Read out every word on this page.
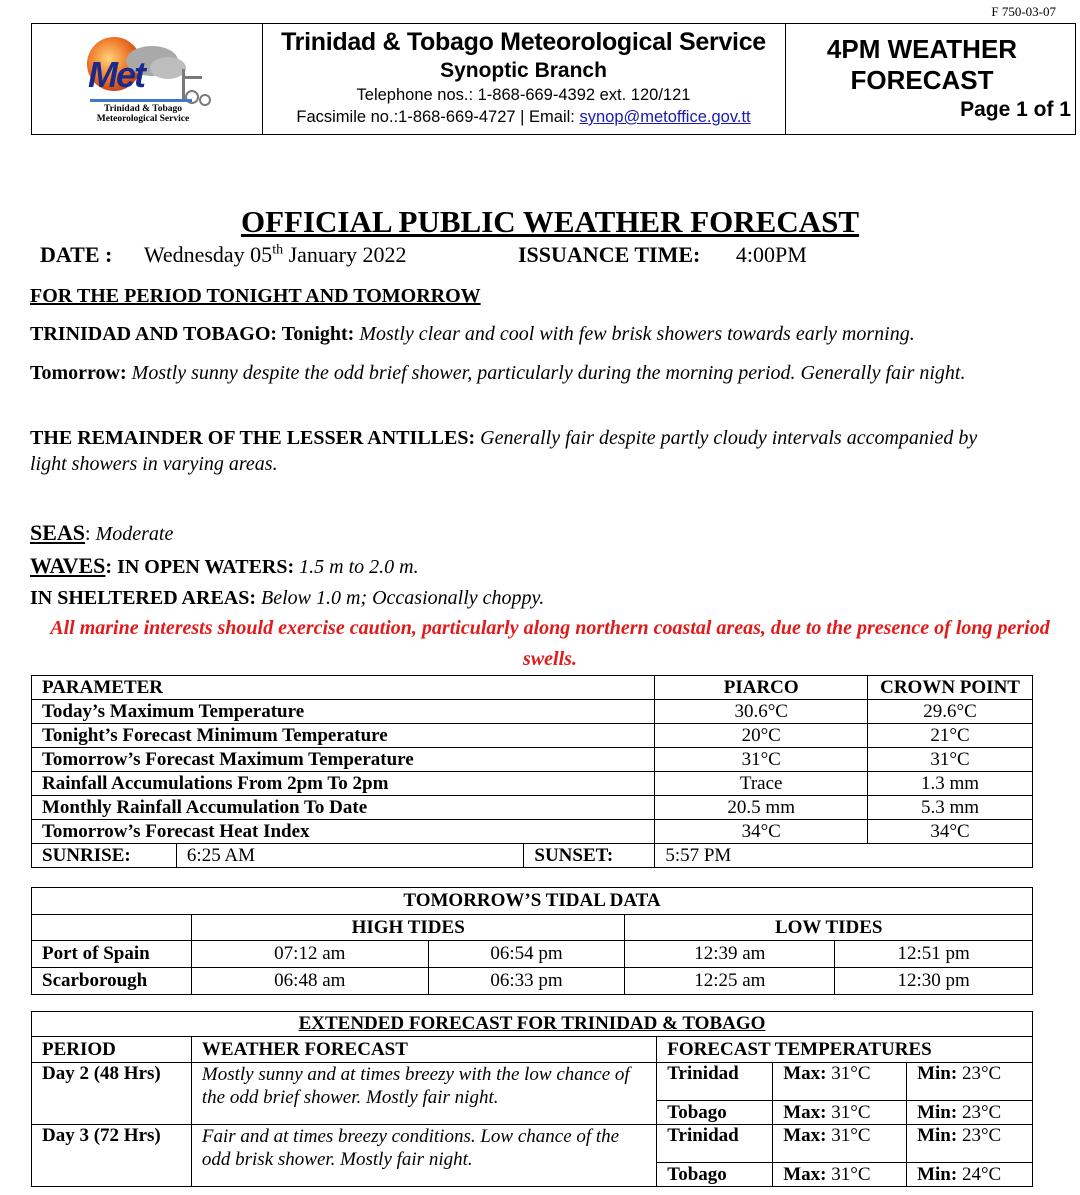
F 750-03-07
Met
Trinidad & Tobago
Meteorological Service
Trinidad & Tobago Meteorological Service
Synoptic Branch
Telephone nos.: 1-868-669-4392 ext. 120/121
Facsimile no.:1-868-669-4727 | Email: synop@metoffice.gov.tt
4PM WEATHER
FORECAST
Page 1 of 1
OFFICIAL PUBLIC WEATHER FORECAST
DATE : Wednesday 05th January 2022	ISSUANCE TIME: 4:00PM
FOR THE PERIOD TONIGHT AND TOMORROW
TRINIDAD AND TOBAGO: Tonight: Mostly clear and cool with few brisk showers towards early morning.
Tomorrow: Mostly sunny despite the odd brief shower, particularly during the morning period. Generally fair night.
THE REMAINDER OF THE LESSER ANTILLES: Generally fair despite partly cloudy intervals accompanied by light showers in varying areas.
SEAS: Moderate
WAVES: IN OPEN WATERS: 1.5 m to 2.0 m.
IN SHELTERED AREAS: Below 1.0 m; Occasionally choppy.
All marine interests should exercise caution, particularly along northern coastal areas, due to the presence of long period swells.
PARAMETER			PIARCO	CROWN POINT
Today’s Maximum Temperature			30.6°C	29.6°C
Tonight’s Forecast Minimum Temperature			20°C	21°C
Tomorrow’s Forecast Maximum Temperature			31°C	31°C
Rainfall Accumulations From 2pm To 2pm			Trace	1.3 mm
Monthly Rainfall Accumulation To Date			20.5 mm	5.3 mm
Tomorrow’s Forecast Heat Index			34°C	34°C
SUNRISE:	6:25 AM	SUNSET:	5:57 PM	
TOMORROW’S TIDAL DATA				
	HIGH TIDES		LOW TIDES	
Port of Spain	07:12 am	06:54 pm	12:39 am	12:51 pm
Scarborough	06:48 am	06:33 pm	12:25 am	12:30 pm
EXTENDED FORECAST FOR TRINIDAD & TOBAGO				
PERIOD	WEATHER FORECAST	FORECAST TEMPERATURES		
Day 2 (48 Hrs)	Mostly sunny and at times breezy with the low chance of the odd brief shower. Mostly fair night.	Trinidad	Max: 31°C	Min: 23°C
		Tobago	Max: 31°C	Min: 23°C
Day 3 (72 Hrs)	Fair and at times breezy conditions. Low chance of the odd brisk shower. Mostly fair night.	Trinidad	Max: 31°C	Min: 23°C
		Tobago	Max: 31°C	Min: 24°C
